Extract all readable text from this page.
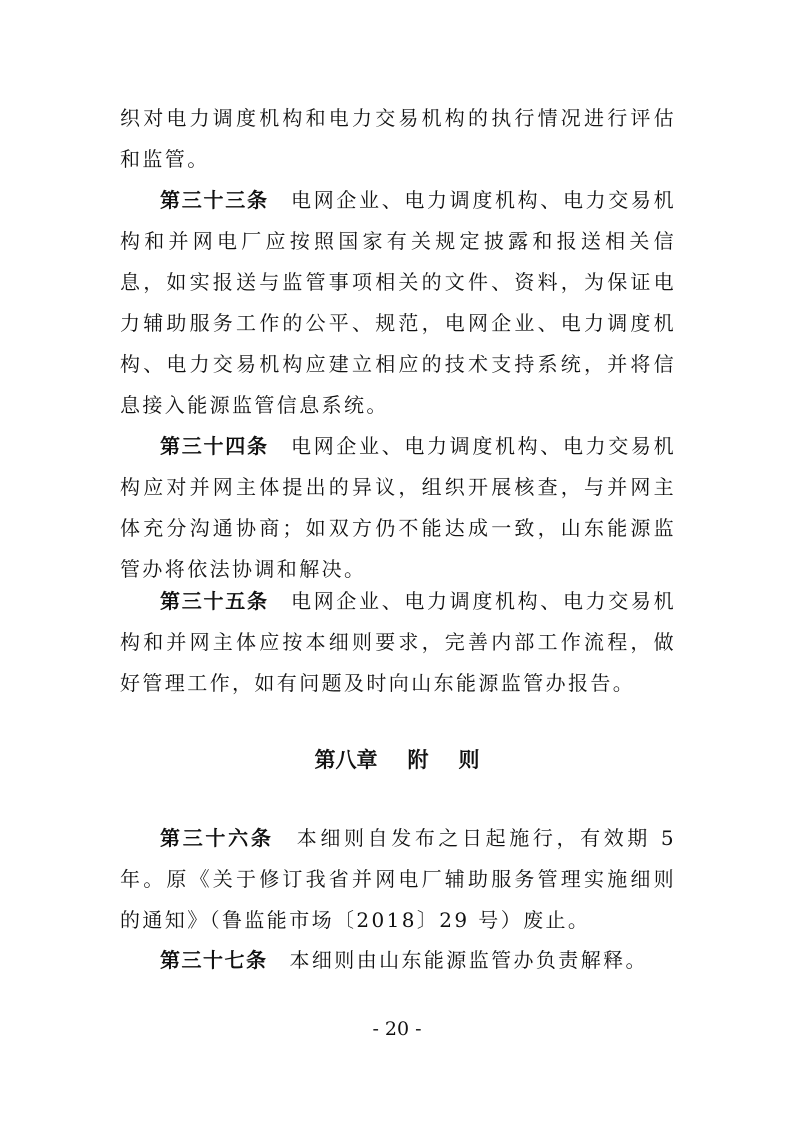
织对电力调度机构和电力交易机构的执行情况进行评估和监管。

第三十三条 电网企业、电力调度机构、电力交易机构和并网电厂应按照国家有关规定披露和报送相关信息，如实报送与监管事项相关的文件、资料，为保证电力辅助服务工作的公平、规范，电网企业、电力调度机构、电力交易机构应建立相应的技术支持系统，并将信息接入能源监管信息系统。

第三十四条 电网企业、电力调度机构、电力交易机构应对并网主体提出的异议，组织开展核查，与并网主体充分沟通协商；如双方仍不能达成一致，山东能源监管办将依法协调和解决。

第三十五条 电网企业、电力调度机构、电力交易机构和并网主体应按本细则要求，完善内部工作流程，做好管理工作，如有问题及时向山东能源监管办报告。

第八章 附 则

第三十六条 本细则自发布之日起施行，有效期 5 年。原《关于修订我省并网电厂辅助服务管理实施细则的通知》（鲁监能市场〔2018〕29 号）废止。

第三十七条 本细则由山东能源监管办负责解释。

- 20 -
